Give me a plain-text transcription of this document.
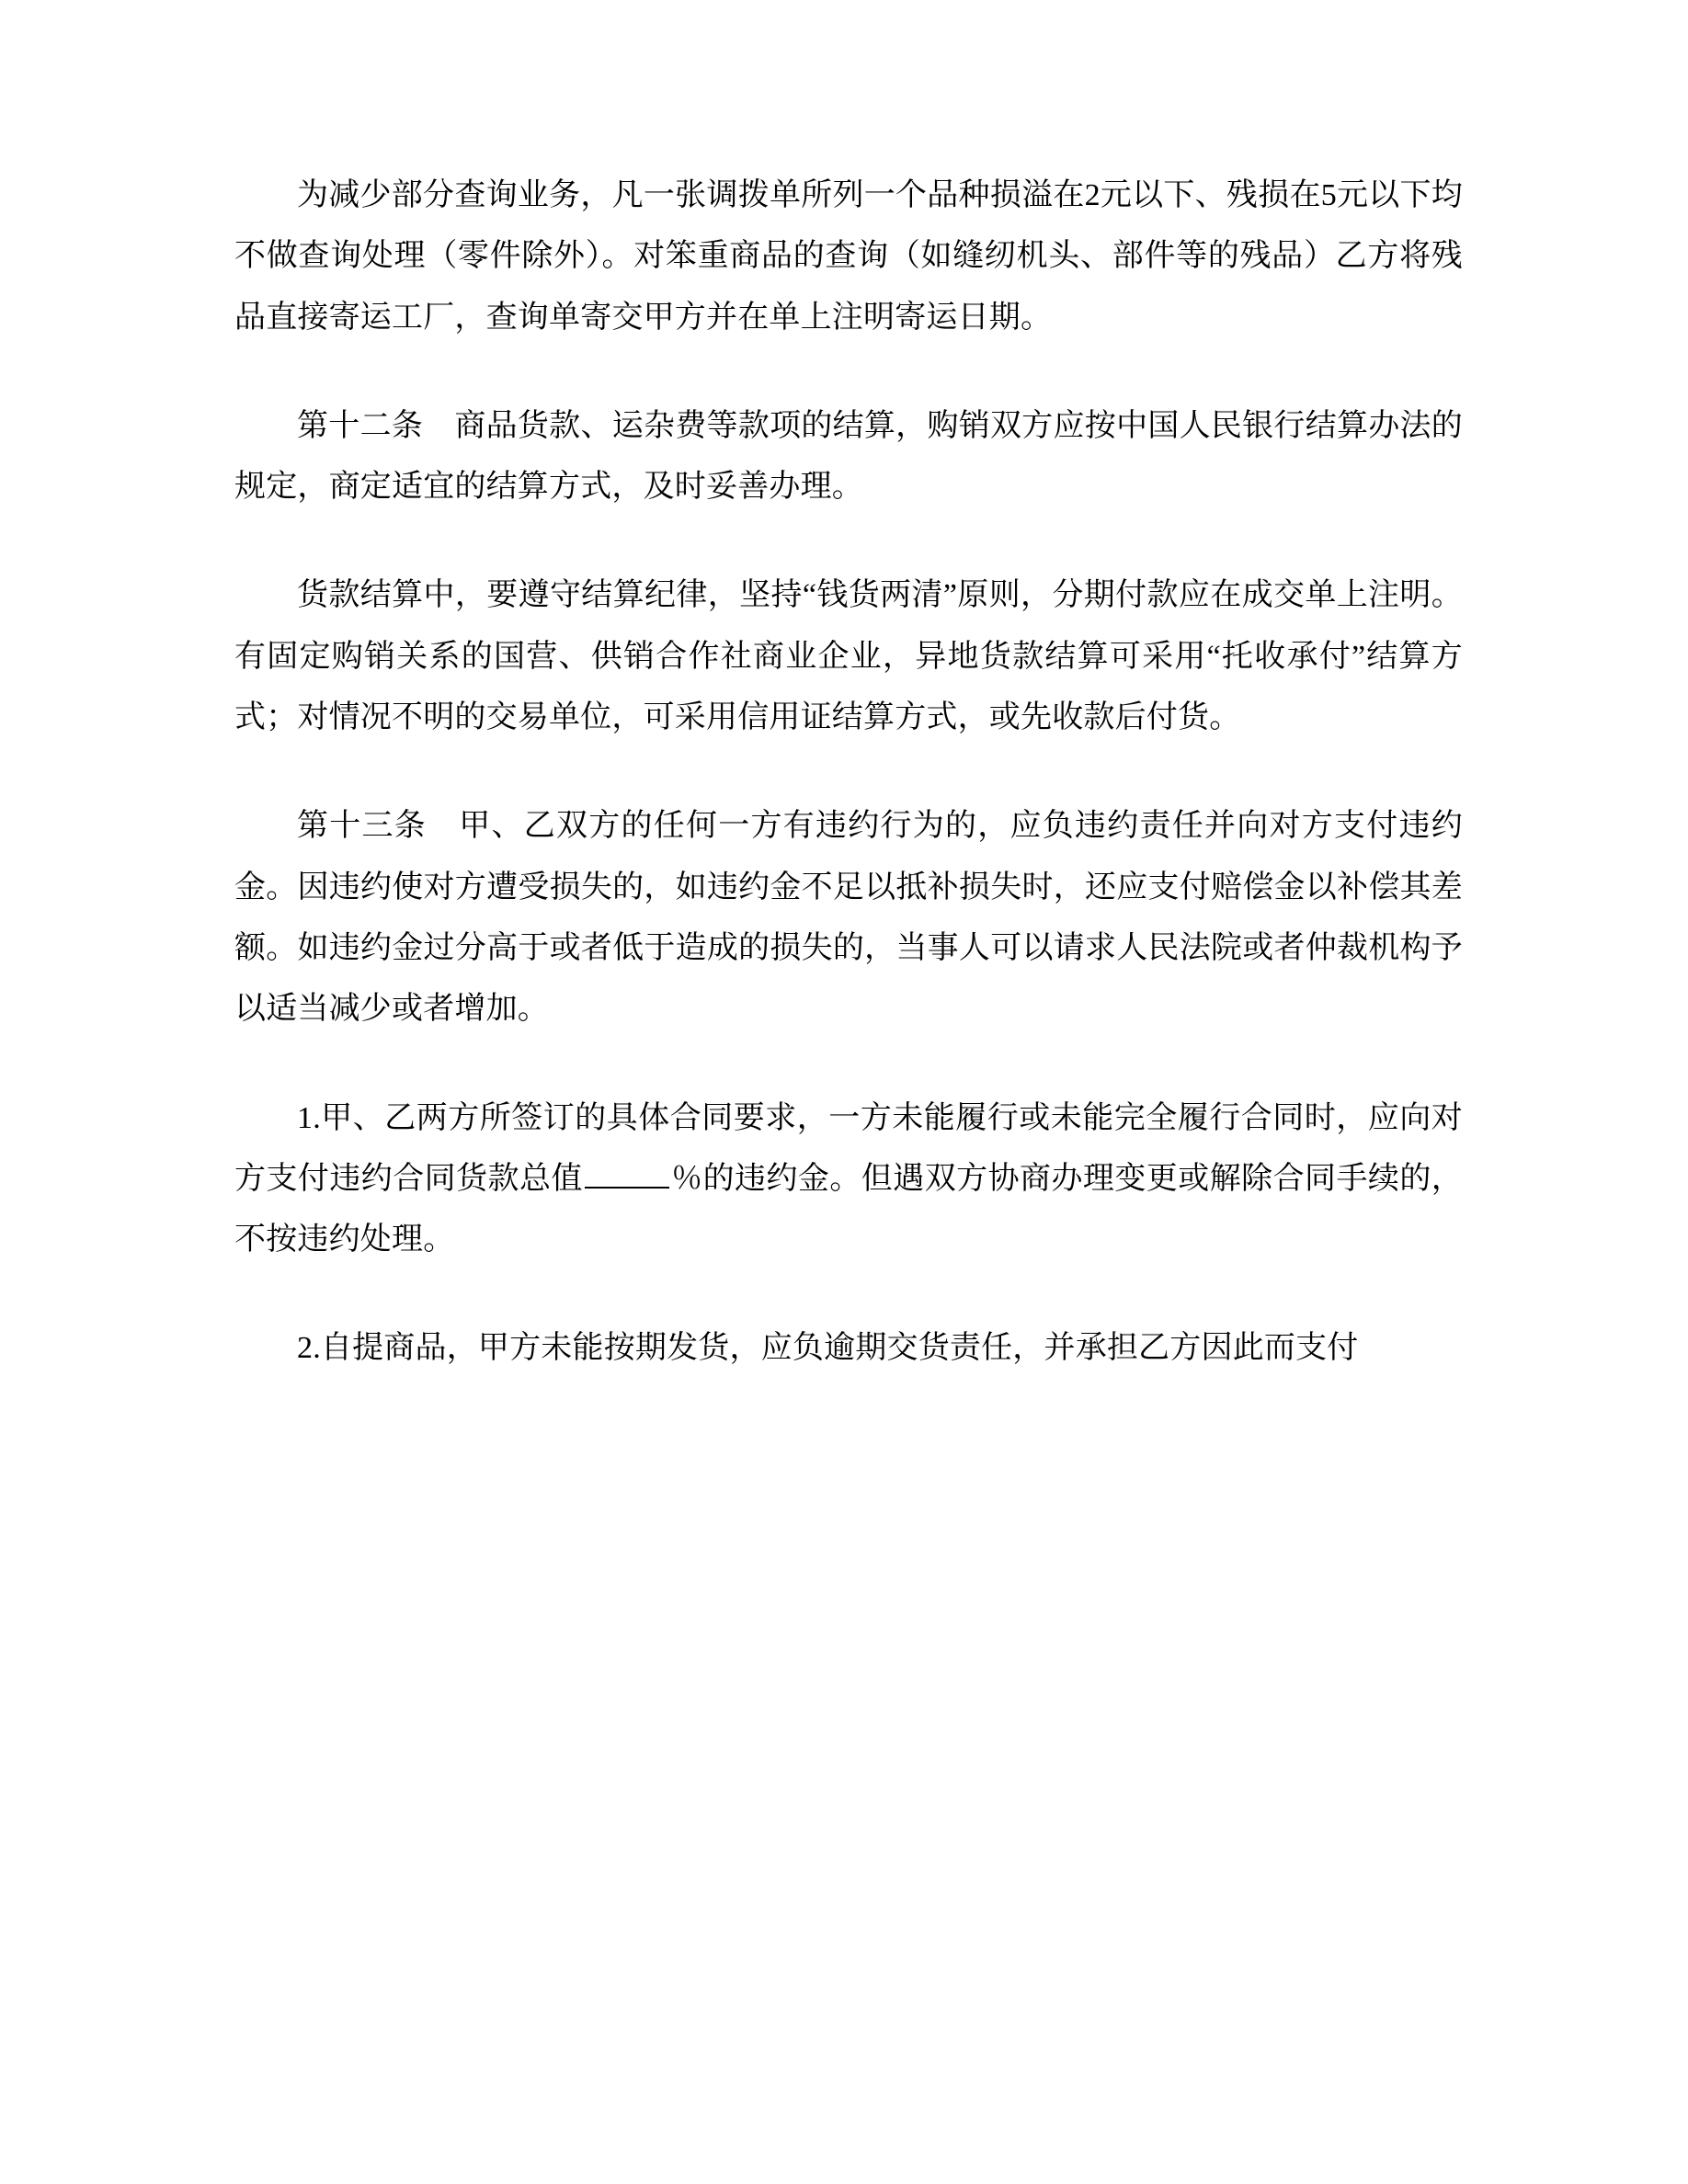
为减少部分查询业务，凡一张调拨单所列一个品种损溢在2元以下、残损在5元以下均不做查询处理（零件除外）。对笨重商品的查询（如缝纫机头、部件等的残品）乙方将残品直接寄运工厂，查询单寄交甲方并在单上注明寄运日期。

第十二条　商品货款、运杂费等款项的结算，购销双方应按中国人民银行结算办法的规定，商定适宜的结算方式，及时妥善办理。

货款结算中，要遵守结算纪律，坚持“钱货两清”原则，分期付款应在成交单上注明。有固定购销关系的国营、供销合作社商业企业，异地货款结算可采用“托收承付”结算方式；对情况不明的交易单位，可采用信用证结算方式，或先收款后付货。

第十三条　甲、乙双方的任何一方有违约行为的，应负违约责任并向对方支付违约金。因违约使对方遭受损失的，如违约金不足以抵补损失时，还应支付赔偿金以补偿其差额。如违约金过分高于或者低于造成的损失的，当事人可以请求人民法院或者仲裁机构予以适当减少或者增加。

1.甲、乙两方所签订的具体合同要求，一方未能履行或未能完全履行合同时，应向对方支付违约合同货款总值	％的违约金。但遇双方协商办理变更或解除合同手续的，不按违约处理。

2.自提商品，甲方未能按期发货，应负逾期交货责任，并承担乙方因此而支付
